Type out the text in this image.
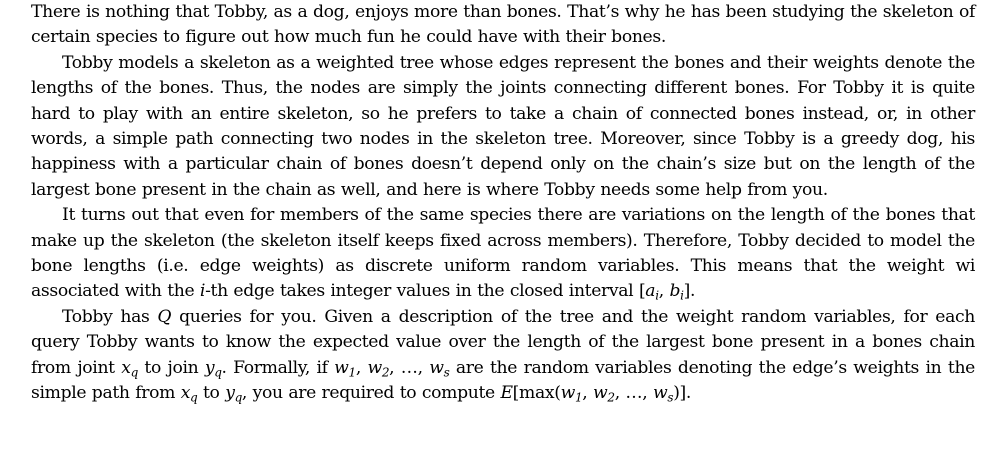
There is nothing that Tobby, as a dog, enjoys more than bones. That’s why he has been studying the skeleton of certain species to figure out how much fun he could have with their bones.

Tobby models a skeleton as a weighted tree whose edges represent the bones and their weights denote the lengths of the bones. Thus, the nodes are simply the joints connecting different bones. For Tobby it is quite hard to play with an entire skeleton, so he prefers to take a chain of connected bones instead, or, in other words, a simple path connecting two nodes in the skeleton tree. Moreover, since Tobby is a greedy dog, his happiness with a particular chain of bones doesn’t depend only on the chain’s size but on the length of the largest bone present in the chain as well, and here is where Tobby needs some help from you.

It turns out that even for members of the same species there are variations on the length of the bones that make up the skeleton (the skeleton itself keeps fixed across members). Therefore, Tobby decided to model the bone lengths (i.e. edge weights) as discrete uniform random variables. This means that the weight wi associated with the i-th edge takes integer values in the closed interval [$a_i$, $b_i$].

Tobby has Q queries for you. Given a description of the tree and the weight random variables, for each query Tobby wants to know the expected value over the length of the largest bone present in a bones chain from joint $x_q$ to join $y_q$. Formally, if $w_1$, $w_2$, …, $w_s$ are the random variables denoting the edge’s weights in the simple path from $x_q$ to $y_q$, you are required to compute $E[\max(w_1$, $w_2$, …, $w_s$)].
